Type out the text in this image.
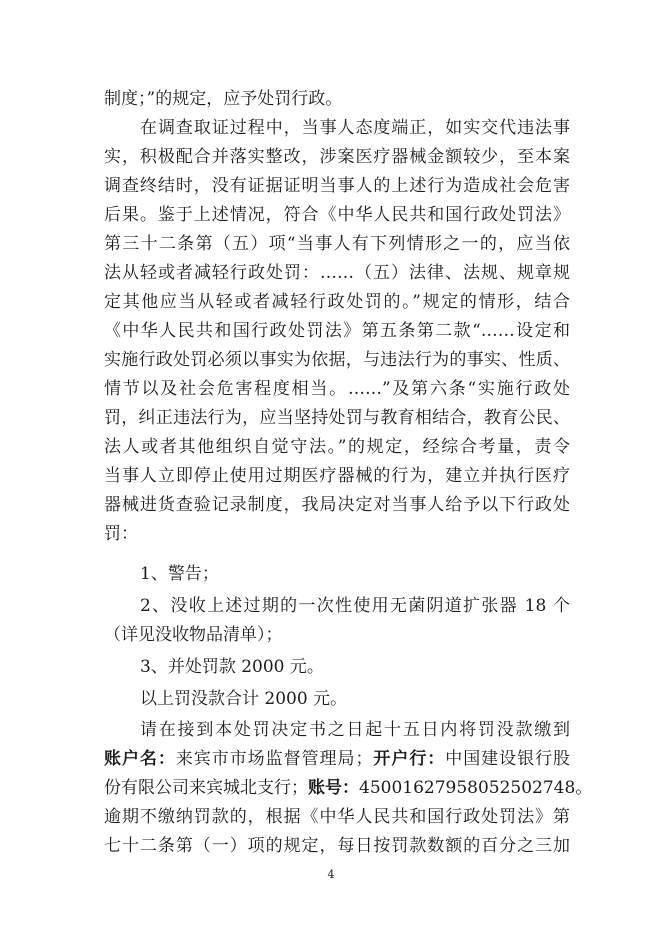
制度；”的规定，应予处罚行政。
在调查取证过程中，当事人态度端正，如实交代违法事
实，积极配合并落实整改，涉案医疗器械金额较少，至本案
调查终结时，没有证据证明当事人的上述行为造成社会危害
后果。鉴于上述情况，符合《中华人民共和国行政处罚法》
第三十二条第（五）项“当事人有下列情形之一的，应当依
法从轻或者减轻行政处罚：……（五）法律、法规、规章规
定其他应当从轻或者减轻行政处罚的。”规定的情形，结合
《中华人民共和国行政处罚法》第五条第二款“……设定和
实施行政处罚必须以事实为依据，与违法行为的事实、性质、
情节以及社会危害程度相当。……”及第六条“实施行政处
罚，纠正违法行为，应当坚持处罚与教育相结合，教育公民、
法人或者其他组织自觉守法。”的规定，经综合考量，责令
当事人立即停止使用过期医疗器械的行为，建立并执行医疗
器械进货查验记录制度，我局决定对当事人给予以下行政处
罚：
1、警告；
2、没收上述过期的一次性使用无菌阴道扩张器 18 个
（详见没收物品清单）；
3、并处罚款 2000 元。
以上罚没款合计 2000 元。
请在接到本处罚决定书之日起十五日内将罚没款缴到
账户名：来宾市市场监督管理局；开户行：中国建设银行股
份有限公司来宾城北支行；账号：45001627958052502748。
逾期不缴纳罚款的，根据《中华人民共和国行政处罚法》第
七十二条第（一）项的规定，每日按罚款数额的百分之三加
4
